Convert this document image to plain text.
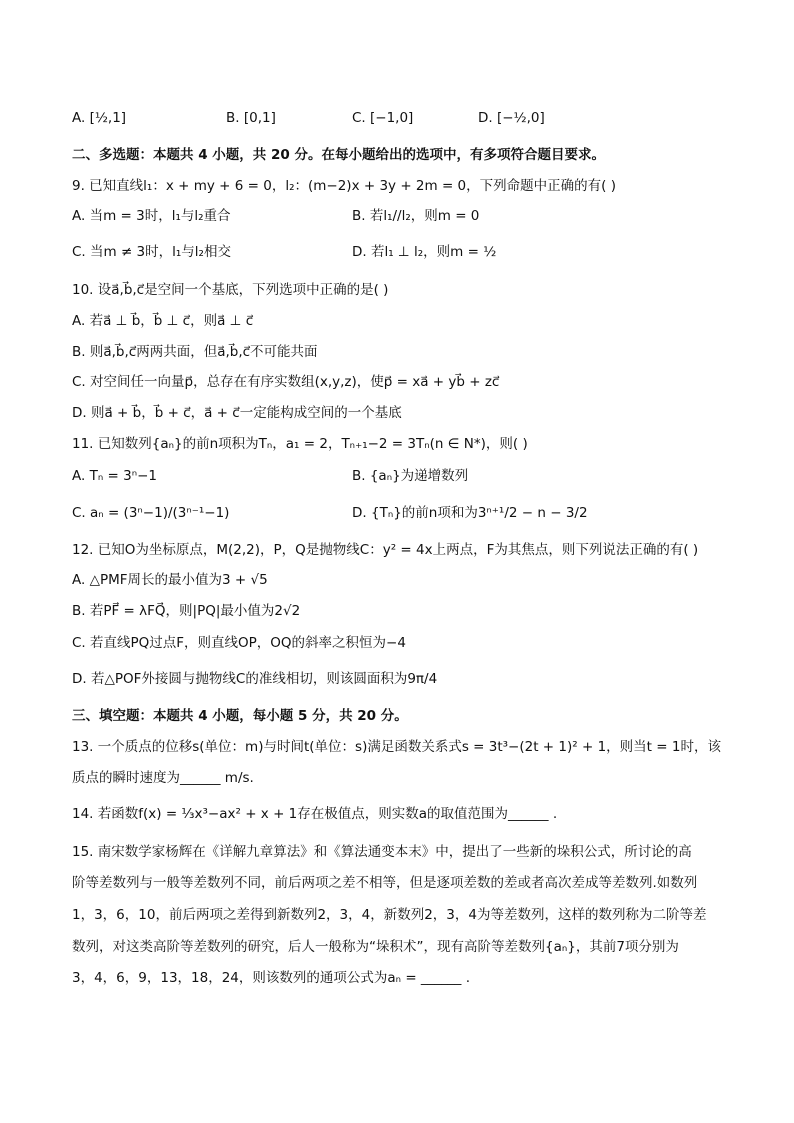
A. [½,1]	B. [0,1]	C. [−1,0]	D. [−½,0]
二、多选题：本题共 4 小题，共 20 分。在每小题给出的选项中，有多项符合题目要求。
9. 已知直线l₁：x + my + 6 = 0，l₂：(m−2)x + 3y + 2m = 0，下列命题中正确的有( )
A. 当m = 3时，l₁与l₂重合	B. 若l₁//l₂，则m = 0
C. 当m ≠ 3时，l₁与l₂相交	D. 若l₁ ⊥ l₂，则m = ½
10. 设a⃗,b⃗,c⃗是空间一个基底，下列选项中正确的是( )
A. 若a⃗ ⊥ b⃗，b⃗ ⊥ c⃗，则a⃗ ⊥ c⃗
B. 则a⃗,b⃗,c⃗两两共面，但a⃗,b⃗,c⃗不可能共面
C. 对空间任一向量p⃗，总存在有序实数组(x,y,z)，使p⃗ = xa⃗ + yb⃗ + zc⃗
D. 则a⃗ + b⃗，b⃗ + c⃗，a⃗ + c⃗一定能构成空间的一个基底
11. 已知数列{aₙ}的前n项积为Tₙ，a₁ = 2，Tₙ₊₁−2 = 3Tₙ(n ∈ N*)，则( )
A. Tₙ = 3ⁿ−1	B. {aₙ}为递增数列
C. aₙ = (3ⁿ−1)/(3ⁿ⁻¹−1)	D. {Tₙ}的前n项和为3ⁿ⁺¹/2 − n − 3/2
12. 已知O为坐标原点，M(2,2)，P，Q是抛物线C：y² = 4x上两点，F为其焦点，则下列说法正确的有( )
A. △PMF周长的最小值为3 + √5
B. 若PF⃗ = λFQ⃗，则|PQ|最小值为2√2
C. 若直线PQ过点F，则直线OP，OQ的斜率之积恒为−4
D. 若△POF外接圆与抛物线C的准线相切，则该圆面积为9π/4
三、填空题：本题共 4 小题，每小题 5 分，共 20 分。
13. 一个质点的位移s(单位：m)与时间t(单位：s)满足函数关系式s = 3t³−(2t + 1)² + 1，则当t = 1时，该
质点的瞬时速度为______ m/s.
14. 若函数f(x) = ⅓x³−ax² + x + 1存在极值点，则实数a的取值范围为______ .
15. 南宋数学家杨辉在《详解九章算法》和《算法通变本末》中，提出了一些新的垛积公式，所讨论的高
阶等差数列与一般等差数列不同，前后两项之差不相等，但是逐项差数的差或者高次差成等差数列.如数列
1，3，6，10，前后两项之差得到新数列2，3，4，新数列2，3，4为等差数列，这样的数列称为二阶等差
数列，对这类高阶等差数列的研究，后人一般称为“垛积术”，现有高阶等差数列{aₙ}，其前7项分别为
3，4，6，9，13，18，24，则该数列的通项公式为aₙ = ______ .
